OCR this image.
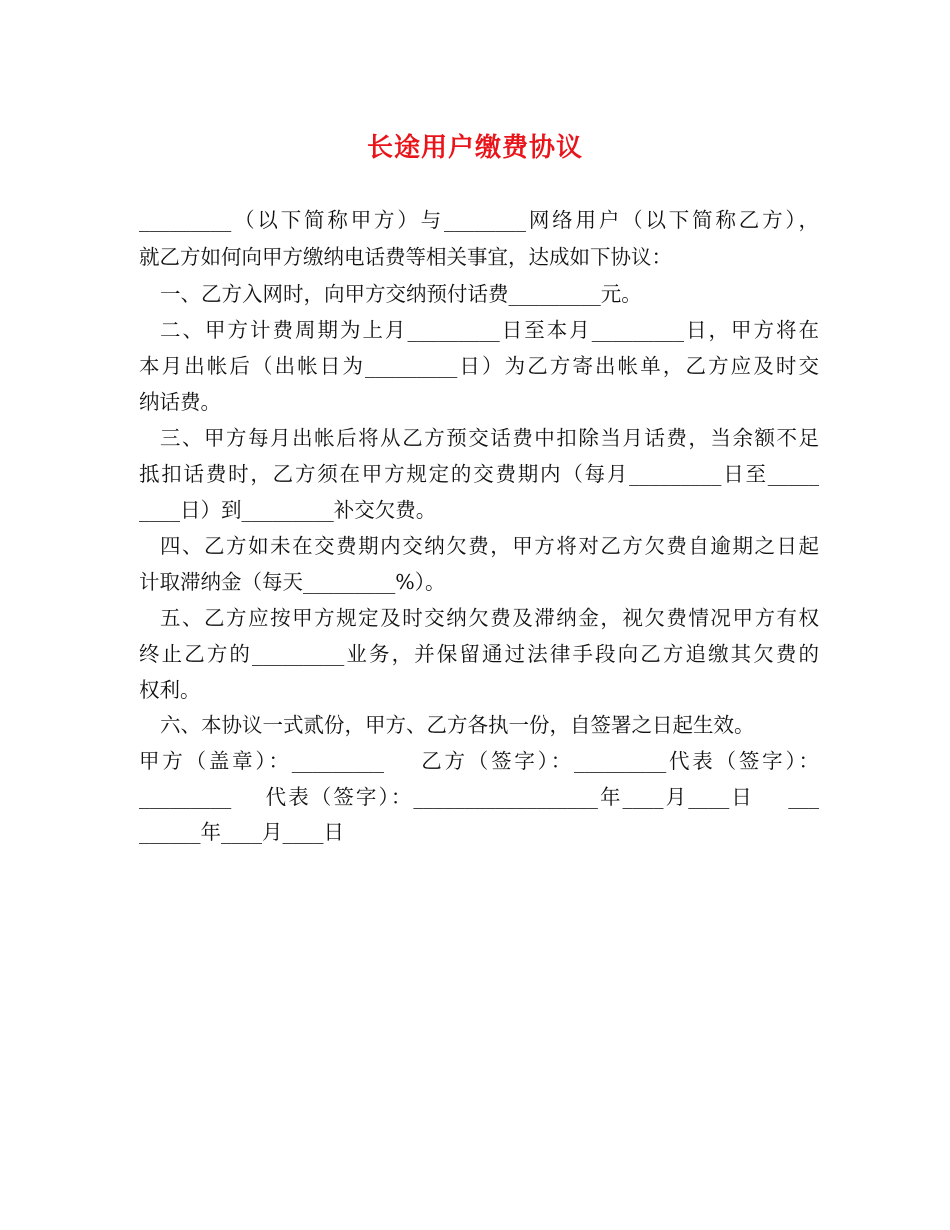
长途用户缴费协议
_________（以下简称甲方）与________网络用户（以下简称乙方），
就乙方如何向甲方缴纳电话费等相关事宜，达成如下协议：
一、乙方入网时，向甲方交纳预付话费_________元。
二、甲方计费周期为上月_________日至本月_________日，甲方将在
本月出帐后（出帐日为_________日）为乙方寄出帐单，乙方应及时交
纳话费。
三、甲方每月出帐后将从乙方预交话费中扣除当月话费，当余额不足
抵扣话费时，乙方须在甲方规定的交费期内（每月_________日至_____
____日）到_________补交欠费。
四、乙方如未在交费期内交纳欠费，甲方将对乙方欠费自逾期之日起
计取滞纳金（每天_________%）。
五、乙方应按甲方规定及时交纳欠费及滞纳金，视欠费情况甲方有权
终止乙方的_________业务，并保留通过法律手段向乙方追缴其欠费的
权利。
六、本协议一式贰份，甲方、乙方各执一份，自签署之日起生效。
甲方（盖章）：_________    乙方（签字）：_________代表（签字）：
_________    代表（签字）：__________________年____月____日    ___
______年____月____日
